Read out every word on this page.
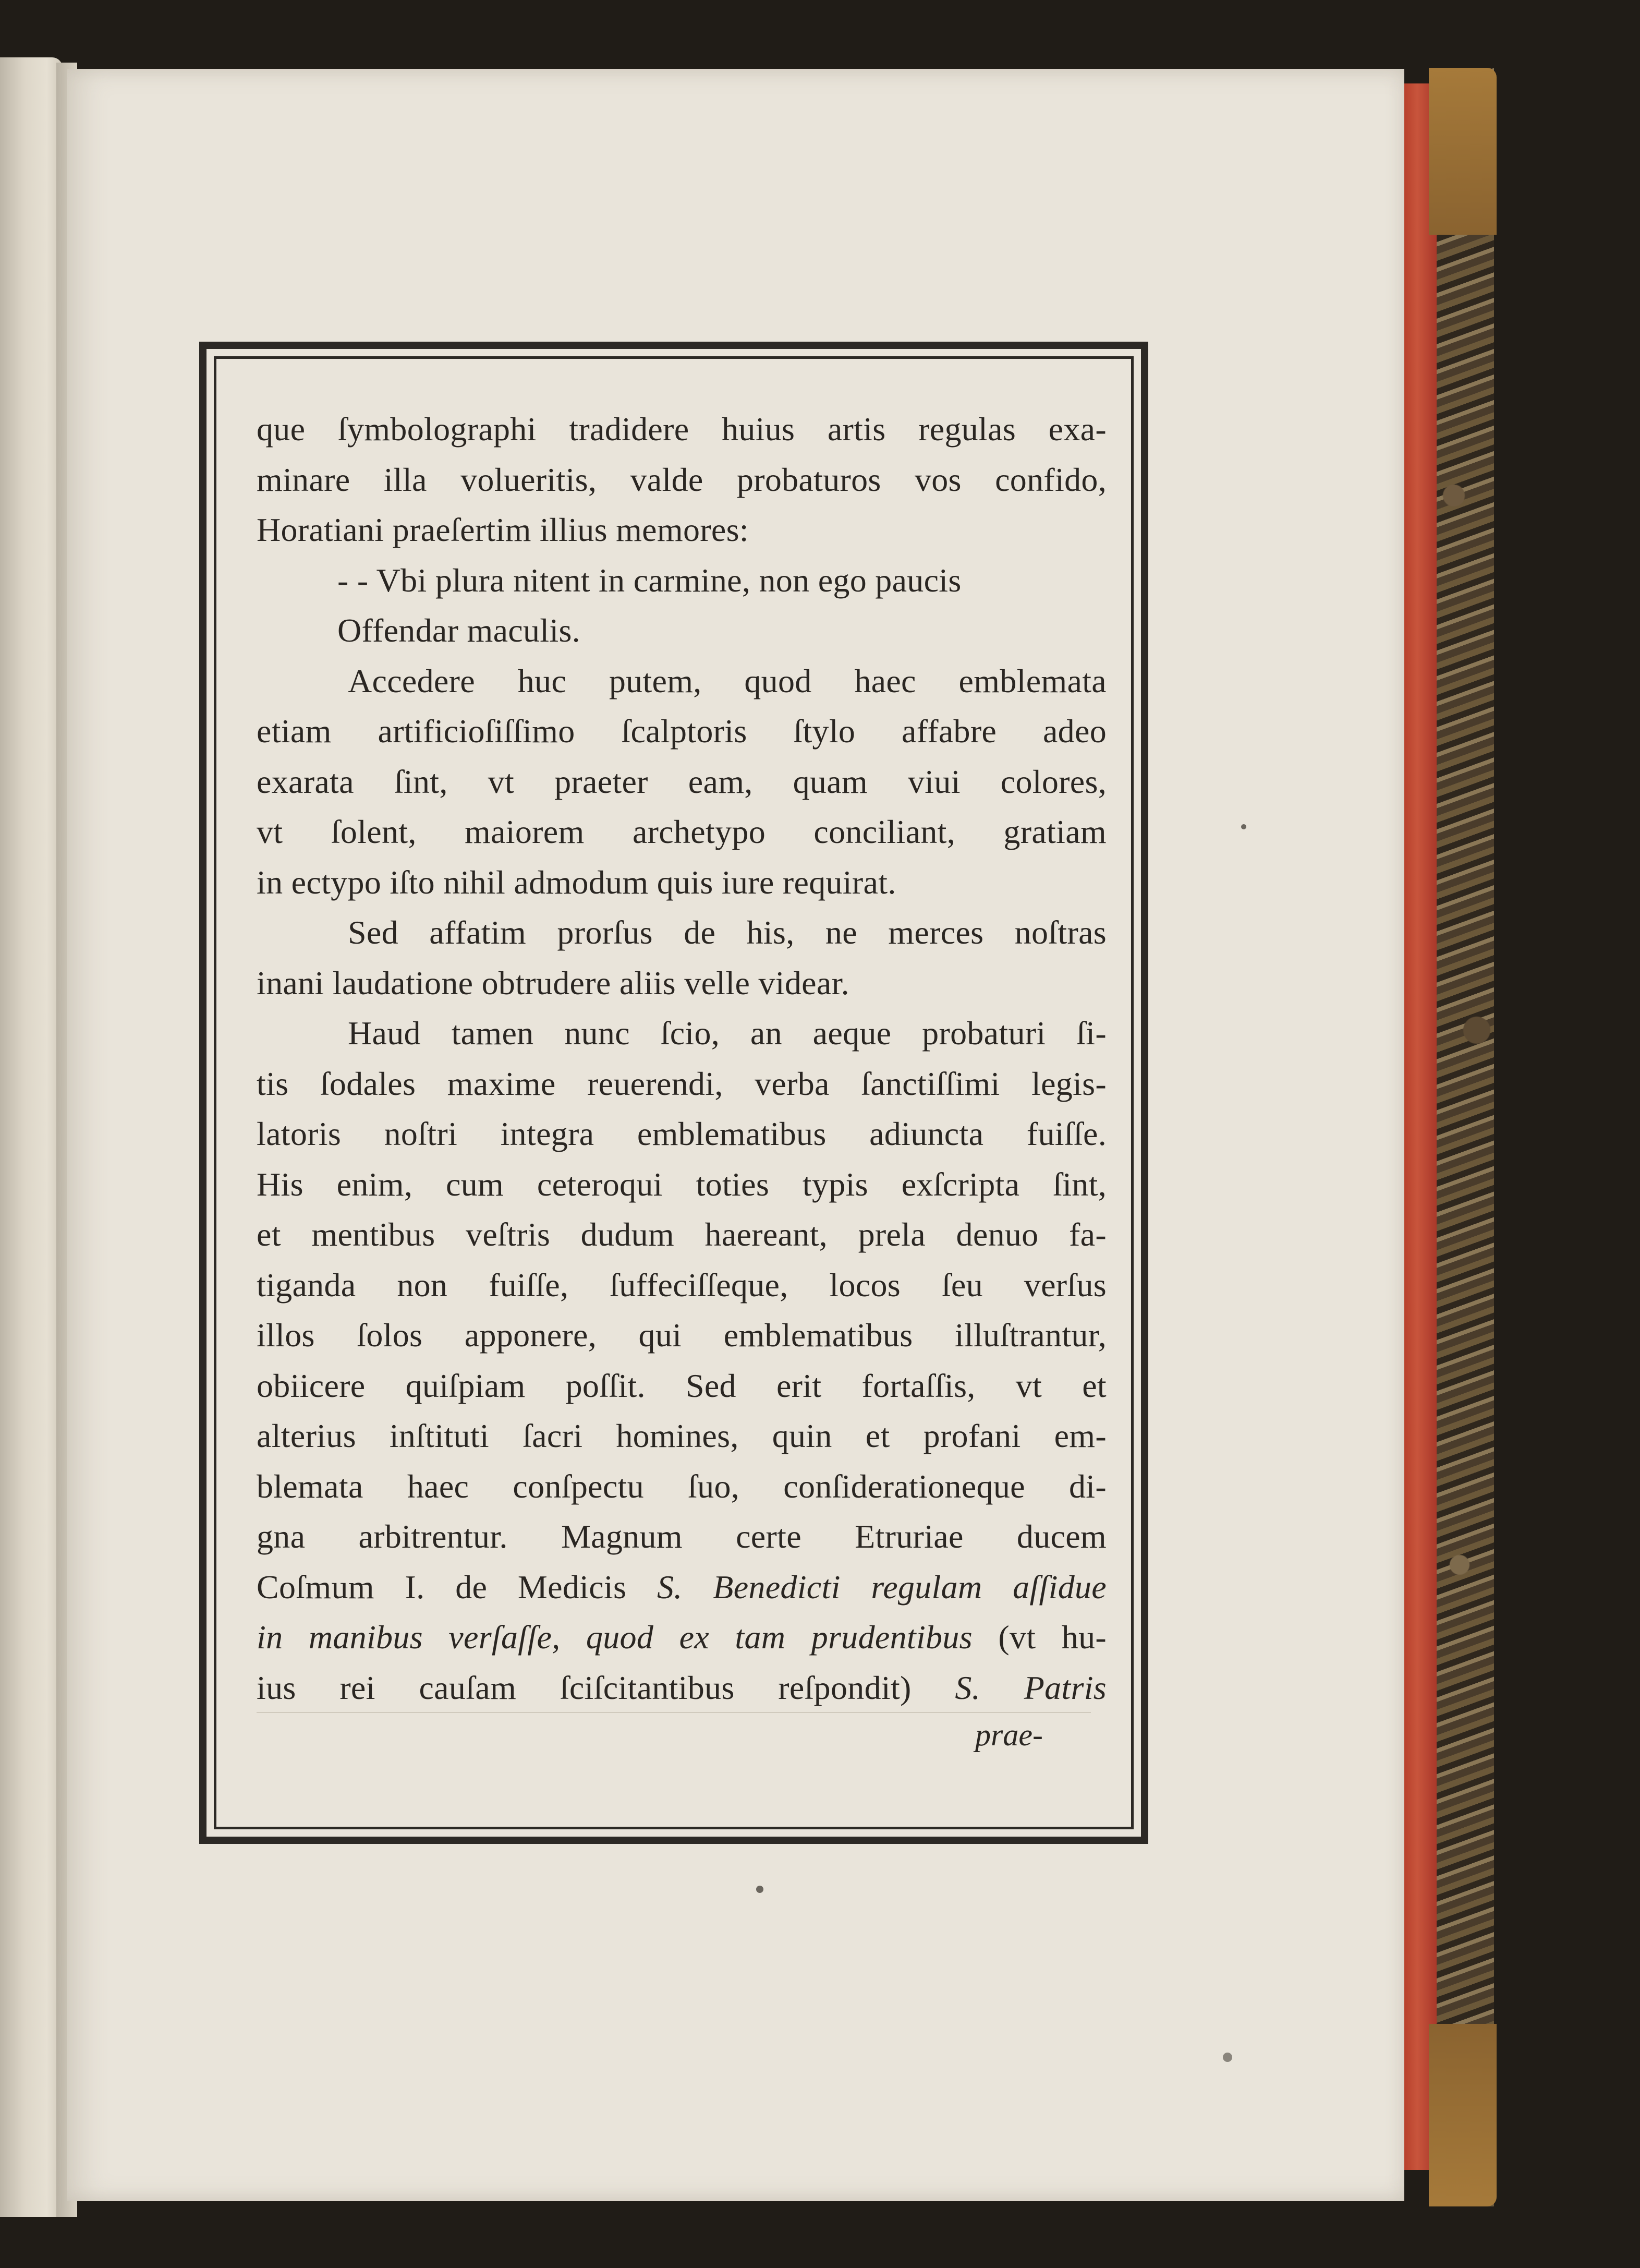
que ſymbolographi tradidere huius artis regulas exa-
minare illa volueritis, valde probaturos vos confido,
Horatiani praeſertim illius memores:
- - Vbi plura nitent in carmine, non ego paucis
Offendar maculis.
Accedere huc putem, quod haec emblemata
etiam artificioſiſſimo ſcalptoris ſtylo affabre adeo
exarata ſint, vt praeter eam, quam viui colores,
vt ſolent, maiorem archetypo conciliant, gratiam
in ectypo iſto nihil admodum quis iure requirat.
Sed affatim prorſus de his, ne merces noſtras
inani laudatione obtrudere aliis velle videar.
Haud tamen nunc ſcio, an aeque probaturi ſi-
tis ſodales maxime reuerendi, verba ſanctiſſimi legis-
latoris noſtri integra emblematibus adiuncta fuiſſe.
His enim, cum ceteroqui toties typis exſcripta ſint,
et mentibus veſtris dudum haereant, prela denuo fa-
tiganda non fuiſſe, ſuffeciſſeque, locos ſeu verſus
illos ſolos apponere, qui emblematibus illuſtrantur,
obiicere quiſpiam poſſit. Sed erit fortaſſis, vt et
alterius inſtituti ſacri homines, quin et profani em-
blemata haec conſpectu ſuo, conſiderationeque di-
gna arbitrentur. Magnum certe Etruriae ducem
Coſmum I. de Medicis S. Benedicti regulam aſſidue
in manibus verſaſſe, quod ex tam prudentibus (vt hu-
ius rei cauſam ſciſcitantibus reſpondit) S. Patris
prae-
